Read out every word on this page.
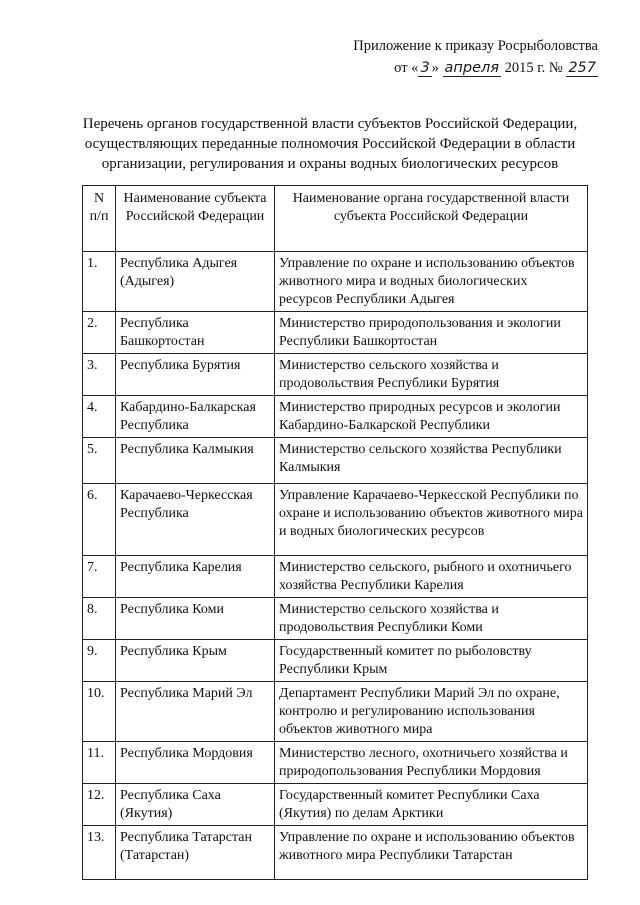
Приложение к приказу Росрыболовства
от « 3 » апреля 2015 г. № 257
Перечень органов государственной власти субъектов Российской Федерации,
осуществляющих переданные полномочия Российской Федерации в области
организации, регулирования и охраны водных биологических ресурсов
N п/п	Наименование субъекта Российской Федерации	Наименование органа государственной власти субъекта Российской Федерации
1.	Республика Адыгея (Адыгея)	Управление по охране и использованию объектов животного мира и водных биологических ресурсов Республики Адыгея
2.	Республика Башкортостан	Министерство природопользования и экологии Республики Башкортостан
3.	Республика Бурятия	Министерство сельского хозяйства и продовольствия Республики Бурятия
4.	Кабардино-Балкарская Республика	Министерство природных ресурсов и экологии Кабардино-Балкарской Республики
5.	Республика Калмыкия	Министерство сельского хозяйства Республики Калмыкия
6.	Карачаево-Черкесская Республика	Управление Карачаево-Черкесской Республики по охране и использованию объектов животного мира и водных биологических ресурсов
7.	Республика Карелия	Министерство сельского, рыбного и охотничьего хозяйства Республики Карелия
8.	Республика Коми	Министерство сельского хозяйства и продовольствия Республики Коми
9.	Республика Крым	Государственный комитет по рыболовству Республики Крым
10.	Республика Марий Эл	Департамент Республики Марий Эл по охране, контролю и регулированию использования объектов животного мира
11.	Республика Мордовия	Министерство лесного, охотничьего хозяйства и природопользования Республики Мордовия
12.	Республика Саха (Якутия)	Государственный комитет Республики Саха (Якутия) по делам Арктики
13.	Республика Татарстан (Татарстан)	Управление по охране и использованию объектов животного мира Республики Татарстан
